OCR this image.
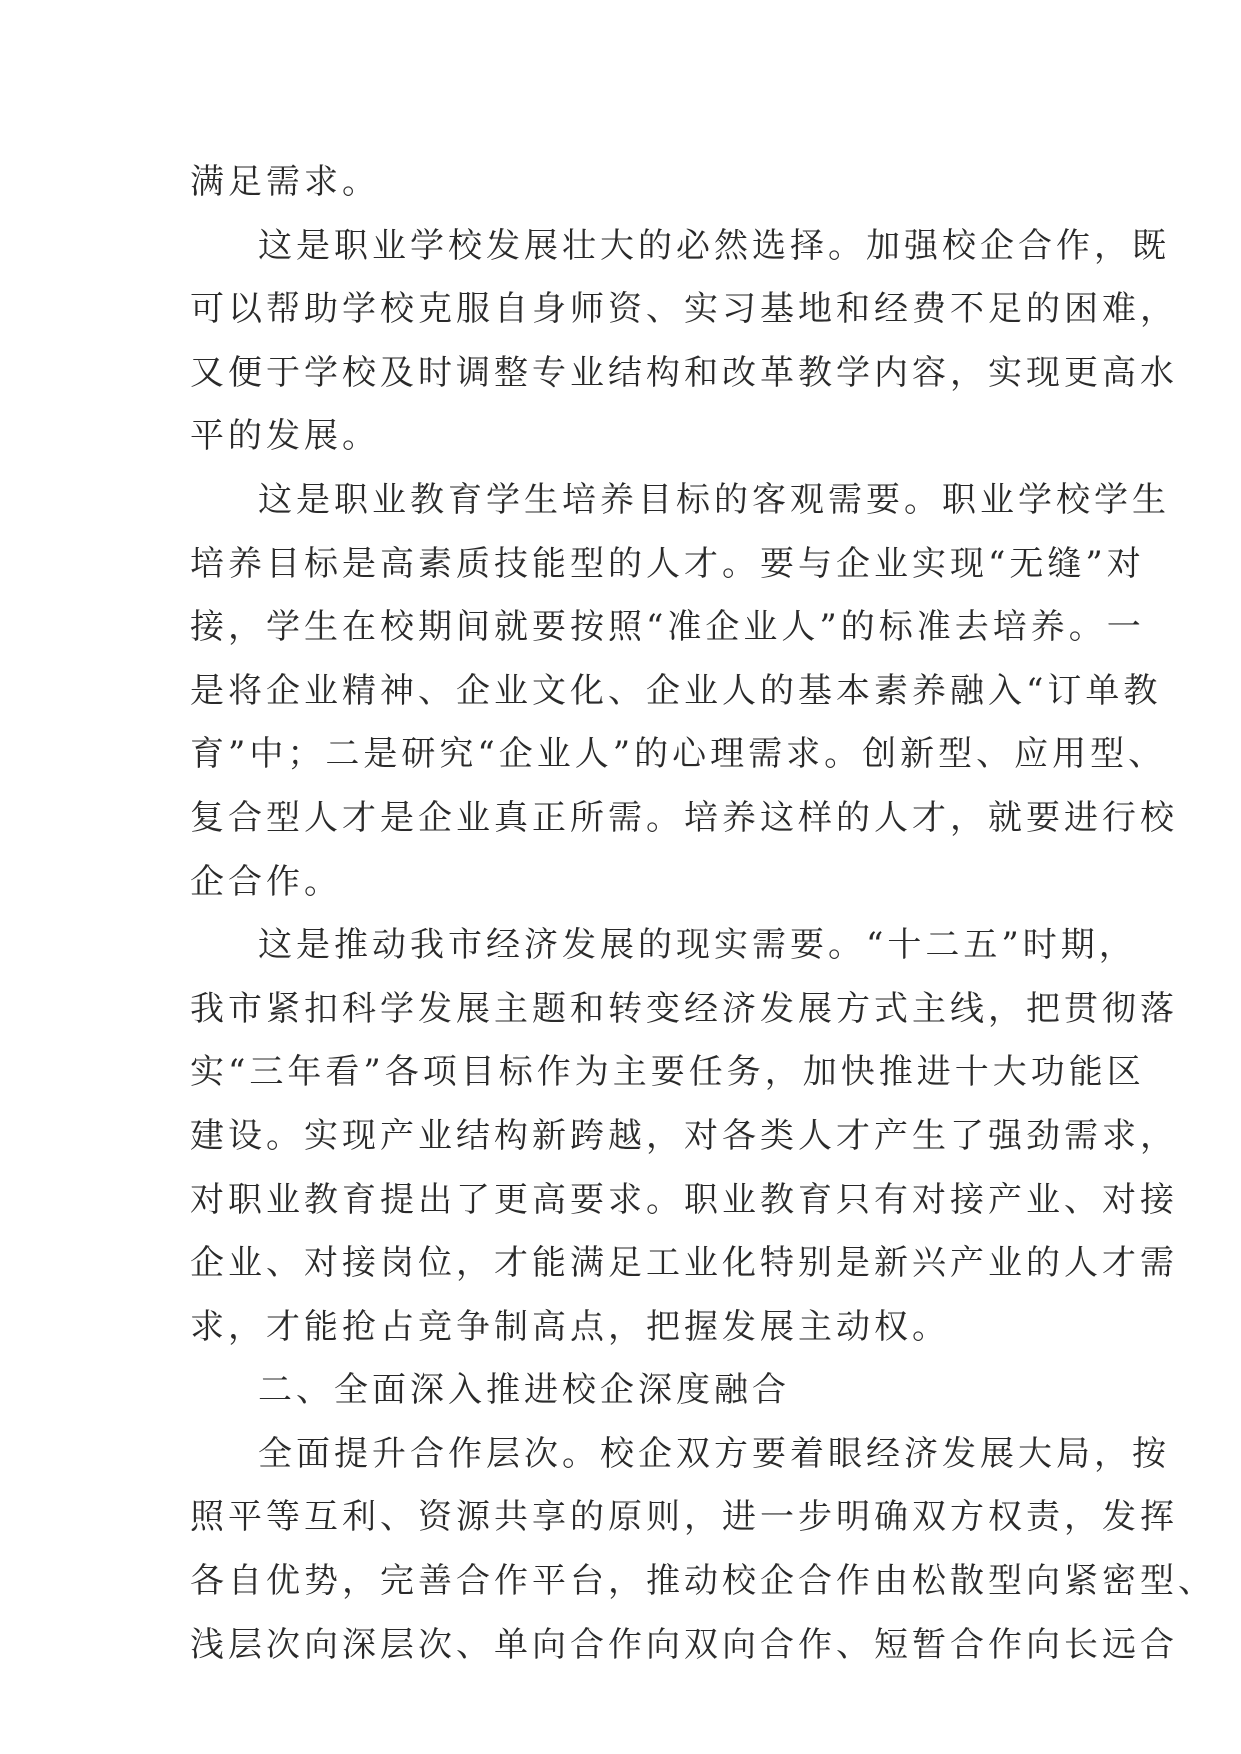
满足需求。
这是职业学校发展壮大的必然选择。加强校企合作，既
可以帮助学校克服自身师资、实习基地和经费不足的困难，
又便于学校及时调整专业结构和改革教学内容，实现更高水
平的发展。
这是职业教育学生培养目标的客观需要。职业学校学生
培养目标是高素质技能型的人才。要与企业实现“无缝”对
接，学生在校期间就要按照“准企业人”的标准去培养。一
是将企业精神、企业文化、企业人的基本素养融入“订单教
育”中；二是研究“企业人”的心理需求。创新型、应用型、
复合型人才是企业真正所需。培养这样的人才，就要进行校
企合作。
这是推动我市经济发展的现实需要。“十二五”时期，
我市紧扣科学发展主题和转变经济发展方式主线，把贯彻落
实“三年看”各项目标作为主要任务，加快推进十大功能区
建设。实现产业结构新跨越，对各类人才产生了强劲需求，
对职业教育提出了更高要求。职业教育只有对接产业、对接
企业、对接岗位，才能满足工业化特别是新兴产业的人才需
求，才能抢占竞争制高点，把握发展主动权。
二、全面深入推进校企深度融合
全面提升合作层次。校企双方要着眼经济发展大局，按
照平等互利、资源共享的原则，进一步明确双方权责，发挥
各自优势，完善合作平台，推动校企合作由松散型向紧密型、
浅层次向深层次、单向合作向双向合作、短暂合作向长远合
